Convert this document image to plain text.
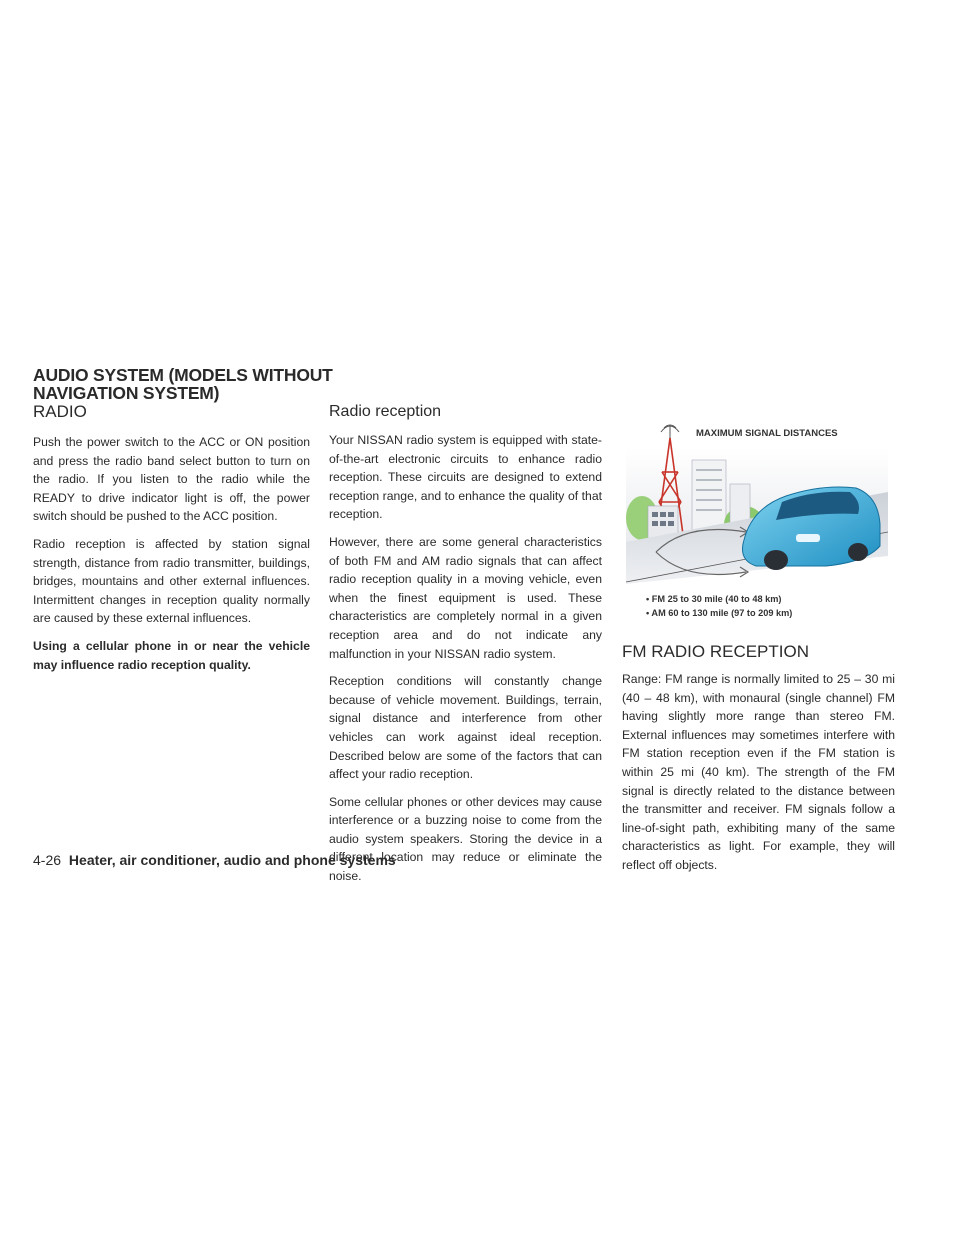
AUDIO SYSTEM (MODELS WITHOUT NAVIGATION SYSTEM)
RADIO

Push the power switch to the ACC or ON position and press the radio band select button to turn on the radio. If you listen to the radio while the READY to drive indicator light is off, the power switch should be pushed to the ACC position.

Radio reception is affected by station signal strength, distance from radio transmitter, buildings, bridges, mountains and other external influences. Intermittent changes in reception quality normally are caused by these external influences.

Using a cellular phone in or near the vehicle may influence radio reception quality.

Radio reception

Your NISSAN radio system is equipped with state-of-the-art electronic circuits to enhance radio reception. These circuits are designed to extend reception range, and to enhance the quality of that reception.

However, there are some general characteristics of both FM and AM radio signals that can affect radio reception quality in a moving vehicle, even when the finest equipment is used. These characteristics are completely normal in a given reception area and do not indicate any malfunction in your NISSAN radio system.

Reception conditions will constantly change because of vehicle movement. Buildings, terrain, signal distance and interference from other vehicles can work against ideal reception. Described below are some of the factors that can affect your radio reception.

Some cellular phones or other devices may cause interference or a buzzing noise to come from the audio system speakers. Storing the device in a different location may reduce or eliminate the noise.

MAXIMUM SIGNAL DISTANCES
• FM 25 to 30 mile (40 to 48 km)
• AM 60 to 130 mile (97 to 209 km)
FM RADIO RECEPTION

Range: FM range is normally limited to 25 – 30 mi (40 – 48 km), with monaural (single channel) FM having slightly more range than stereo FM. External influences may sometimes interfere with FM station reception even if the FM station is within 25 mi (40 km). The strength of the FM signal is directly related to the distance between the transmitter and receiver. FM signals follow a line-of-sight path, exhibiting many of the same characteristics as light. For example, they will reflect off objects.

4-26 Heater, air conditioner, audio and phone systems
